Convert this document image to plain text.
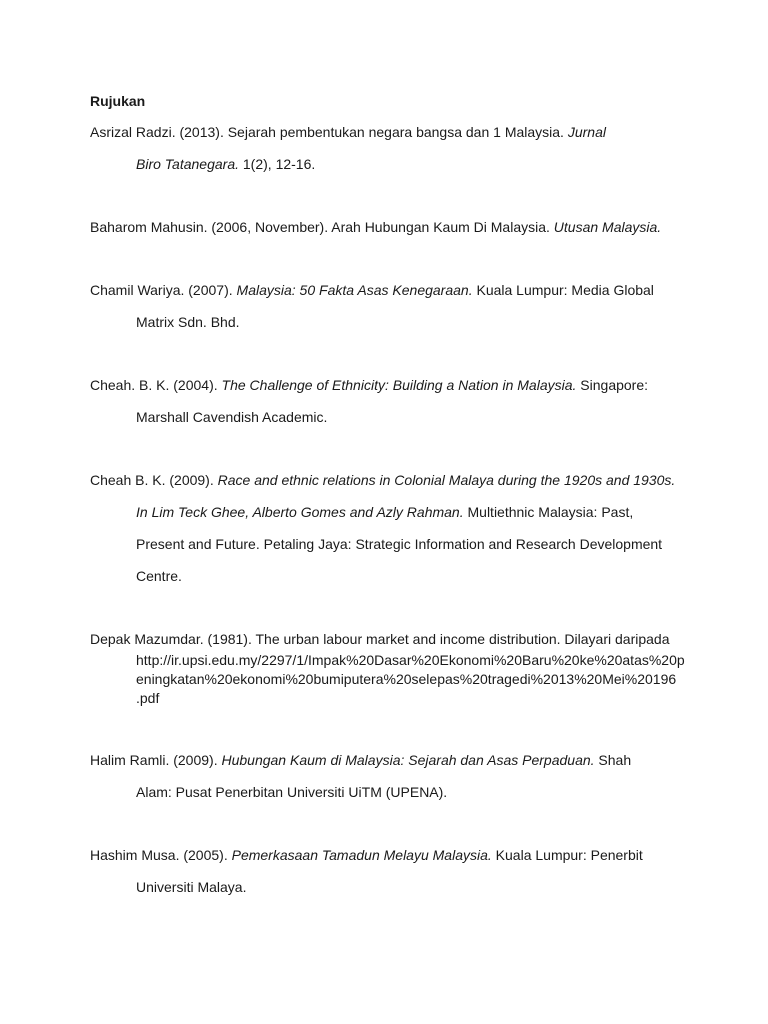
Rujukan
Asrizal Radzi. (2013). Sejarah pembentukan negara bangsa dan 1 Malaysia. Jurnal
Biro Tatanegara. 1(2), 12-16.
Baharom Mahusin. (2006, November). Arah Hubungan Kaum Di Malaysia. Utusan Malaysia.
Chamil Wariya. (2007). Malaysia: 50 Fakta Asas Kenegaraan. Kuala Lumpur: Media Global
Matrix Sdn. Bhd.
Cheah. B. K. (2004). The Challenge of Ethnicity: Building a Nation in Malaysia. Singapore:
Marshall Cavendish Academic.
Cheah B. K. (2009). Race and ethnic relations in Colonial Malaya during the 1920s and 1930s.
In Lim Teck Ghee, Alberto Gomes and Azly Rahman. Multiethnic Malaysia: Past,
Present and Future. Petaling Jaya: Strategic Information and Research Development
Centre.
Depak Mazumdar. (1981). The urban labour market and income distribution. Dilayari daripada
http://ir.upsi.edu.my/2297/1/Impak%20Dasar%20Ekonomi%20Baru%20ke%20atas%20p
eningkatan%20ekonomi%20bumiputera%20selepas%20tragedi%2013%20Mei%20196
.pdf
Halim Ramli. (2009). Hubungan Kaum di Malaysia: Sejarah dan Asas Perpaduan. Shah
Alam: Pusat Penerbitan Universiti UiTM (UPENA).
Hashim Musa. (2005). Pemerkasaan Tamadun Melayu Malaysia. Kuala Lumpur: Penerbit
Universiti Malaya.
